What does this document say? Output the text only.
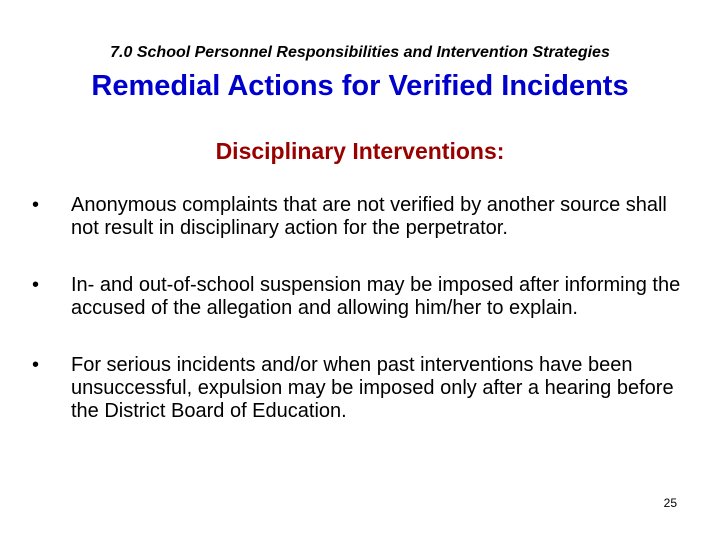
7.0 School Personnel Responsibilities and Intervention Strategies
Remedial Actions for Verified Incidents
Disciplinary Interventions:
• Anonymous complaints that are not verified by another source shall not result in disciplinary action for the perpetrator.
• In- and out-of-school suspension may be imposed after informing the accused of the allegation and allowing him/her to explain.
• For serious incidents and/or when past interventions have been unsuccessful, expulsion may be imposed only after a hearing before the District Board of Education.
25
